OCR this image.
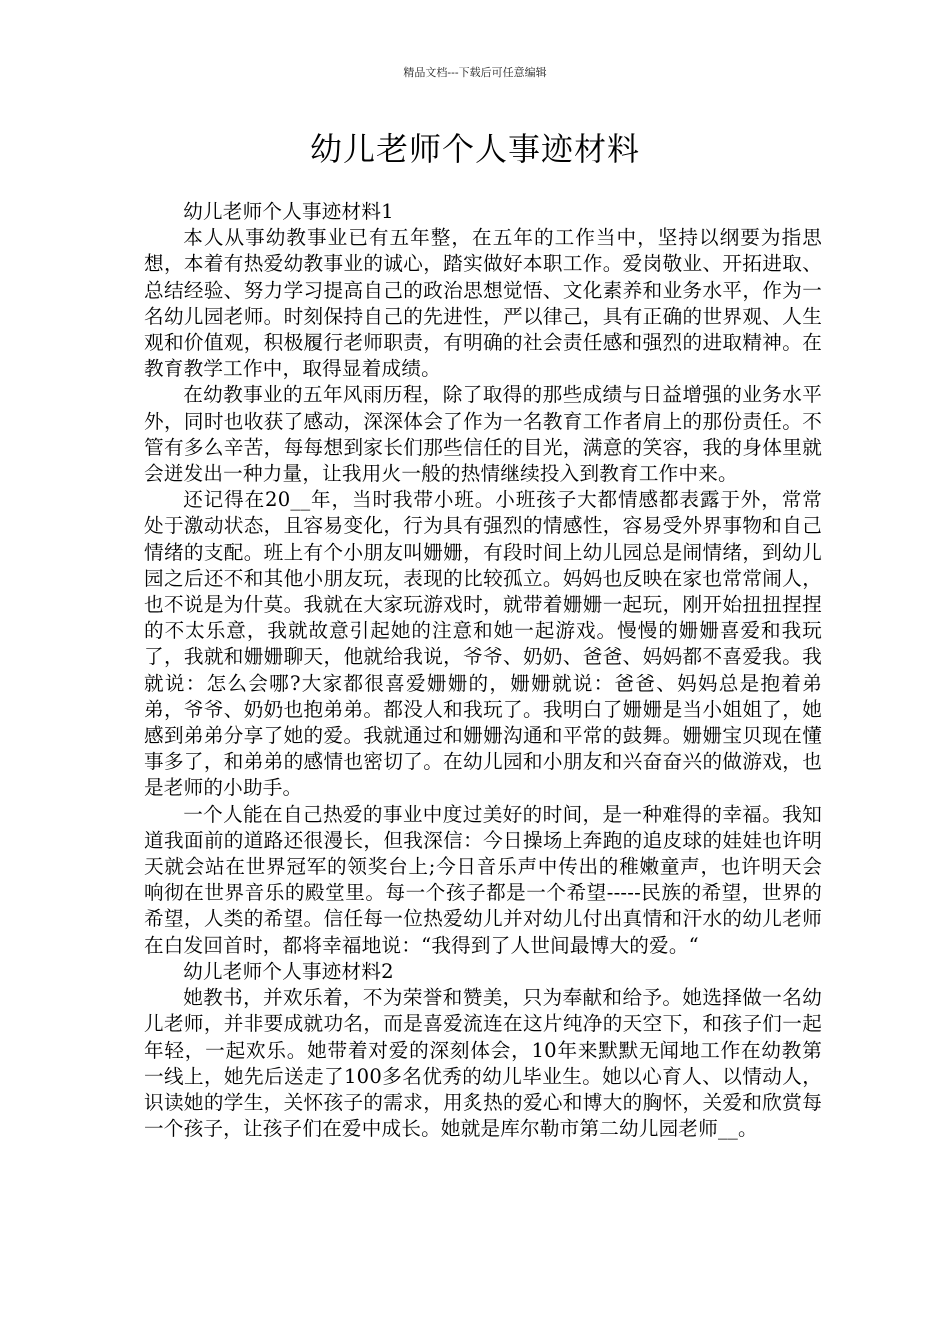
精品文档---下载后可任意编辑
幼儿老师个人事迹材料

幼儿老师个人事迹材料1

本人从事幼教事业已有五年整，在五年的工作当中，坚持以纲要为指思想，本着有热爱幼教事业的诚心，踏实做好本职工作。爱岗敬业、开拓进取、总结经验、努力学习提高自己的政治思想觉悟、文化素养和业务水平，作为一名幼儿园老师。时刻保持自己的先进性，严以律己，具有正确的世界观、人生观和价值观，积极履行老师职责，有明确的社会责任感和强烈的进取精神。在教育教学工作中，取得显着成绩。

在幼教事业的五年风雨历程，除了取得的那些成绩与日益增强的业务水平外，同时也收获了感动，深深体会了作为一名教育工作者肩上的那份责任。不管有多么辛苦，每每想到家长们那些信任的目光，满意的笑容，我的身体里就会迸发出一种力量，让我用火一般的热情继续投入到教育工作中来。

还记得在20__年，当时我带小班。小班孩子大都情感都表露于外，常常处于激动状态，且容易变化，行为具有强烈的情感性，容易受外界事物和自己情绪的支配。班上有个小朋友叫姗姗，有段时间上幼儿园总是闹情绪，到幼儿园之后还不和其他小朋友玩，表现的比较孤立。妈妈也反映在家也常常闹人，也不说是为什莫。我就在大家玩游戏时，就带着姗姗一起玩，刚开始扭扭捏捏的不太乐意，我就故意引起她的注意和她一起游戏。慢慢的姗姗喜爱和我玩了，我就和姗姗聊天，他就给我说，爷爷、奶奶、爸爸、妈妈都不喜爱我。我就说：怎么会哪?大家都很喜爱姗姗的，姗姗就说：爸爸、妈妈总是抱着弟弟，爷爷、奶奶也抱弟弟。都没人和我玩了。我明白了姗姗是当小姐姐了，她感到弟弟分享了她的爱。我就通过和姗姗沟通和平常的鼓舞。姗姗宝贝现在懂事多了，和弟弟的感情也密切了。在幼儿园和小朋友和兴奋奋兴的做游戏，也是老师的小助手。

一个人能在自己热爱的事业中度过美好的时间，是一种难得的幸福。我知道我面前的道路还很漫长，但我深信：今日操场上奔跑的追皮球的娃娃也许明天就会站在世界冠军的领奖台上;今日音乐声中传出的稚嫩童声，也许明天会响彻在世界音乐的殿堂里。每一个孩子都是一个希望-----民族的希望，世界的希望，人类的希望。信任每一位热爱幼儿并对幼儿付出真情和汗水的幼儿老师在白发回首时，都将幸福地说：“我得到了人世间最博大的爱。“

幼儿老师个人事迹材料2

她教书，并欢乐着，不为荣誉和赞美，只为奉献和给予。她选择做一名幼儿老师，并非要成就功名，而是喜爱流连在这片纯净的天空下，和孩子们一起年轻，一起欢乐。她带着对爱的深刻体会，10年来默默无闻地工作在幼教第一线上，她先后送走了100多名优秀的幼儿毕业生。她以心育人、以情动人，识读她的学生，关怀孩子的需求，用炙热的爱心和博大的胸怀，关爱和欣赏每一个孩子，让孩子们在爱中成长。她就是库尔勒市第二幼儿园老师__。
